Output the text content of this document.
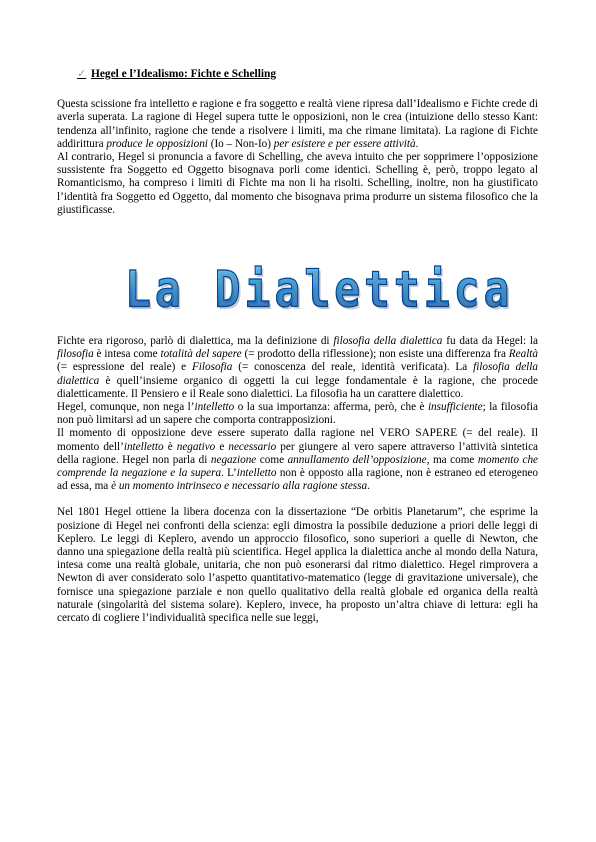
✓ Hegel e l’Idealismo: Fichte e Schelling

Questa scissione fra intelletto e ragione e fra soggetto e realtà viene ripresa dall’Idealismo e Fichte crede di averla superata. La ragione di Hegel supera tutte le opposizioni, non le crea (intuizione dello stesso Kant: tendenza all’infinito, ragione che tende a risolvere i limiti, ma che rimane limitata). La ragione di Fichte addirittura produce le opposizioni (Io – Non-Io) per esistere e per essere attività.

Al contrario, Hegel si pronuncia a favore di Schelling, che aveva intuito che per sopprimere l’opposizione sussistente fra Soggetto ed Oggetto bisognava porli come identici. Schelling è, però, troppo legato al Romanticismo, ha compreso i limiti di Fichte ma non li ha risolti. Schelling, inoltre, non ha giustificato l’identità fra Soggetto ed Oggetto, dal momento che bisognava prima produrre un sistema filosofico che la giustificasse.

La Dialettica

Fichte era rigoroso, parlò di dialettica, ma la definizione di filosofia della dialettica fu data da Hegel: la filosofia è intesa come totalità del sapere (= prodotto della riflessione); non esiste una differenza fra Realtà (= espressione del reale) e Filosofia (= conoscenza del reale, identità verificata). La filosofia della dialettica è quell’insieme organico di oggetti la cui legge fondamentale è la ragione, che procede dialetticamente. Il Pensiero e il Reale sono dialettici. La filosofia ha un carattere dialettico.

Hegel, comunque, non nega l’intelletto o la sua importanza: afferma, però, che è insufficiente; la filosofia non può limitarsi ad un sapere che comporta contrapposizioni.

Il momento di opposizione deve essere superato dalla ragione nel VERO SAPERE (= del reale). Il momento dell’intelletto è negativo e necessario per giungere al vero sapere attraverso l’attività sintetica della ragione. Hegel non parla di negazione come annullamento dell’opposizione, ma come momento che comprende la negazione e la supera. L’intelletto non è opposto alla ragione, non è estraneo ed eterogeneo ad essa, ma è un momento intrinseco e necessario alla ragione stessa.

Nel 1801 Hegel ottiene la libera docenza con la dissertazione “De orbitis Planetarum”, che esprime la posizione di Hegel nei confronti della scienza: egli dimostra la possibile deduzione a priori delle leggi di Keplero. Le leggi di Keplero, avendo un approccio filosofico, sono superiori a quelle di Newton, che danno una spiegazione della realtà più scientifica. Hegel applica la dialettica anche al mondo della Natura, intesa come una realtà globale, unitaria, che non può esonerarsi dal ritmo dialettico. Hegel rimprovera a Newton di aver considerato solo l’aspetto quantitativo-matematico (legge di gravitazione universale), che fornisce una spiegazione parziale e non quello qualitativo della realtà globale ed organica della realtà naturale (singolarità del sistema solare). Keplero, invece, ha proposto un’altra chiave di lettura: egli ha cercato di cogliere l’individualità specifica nelle sue leggi,
